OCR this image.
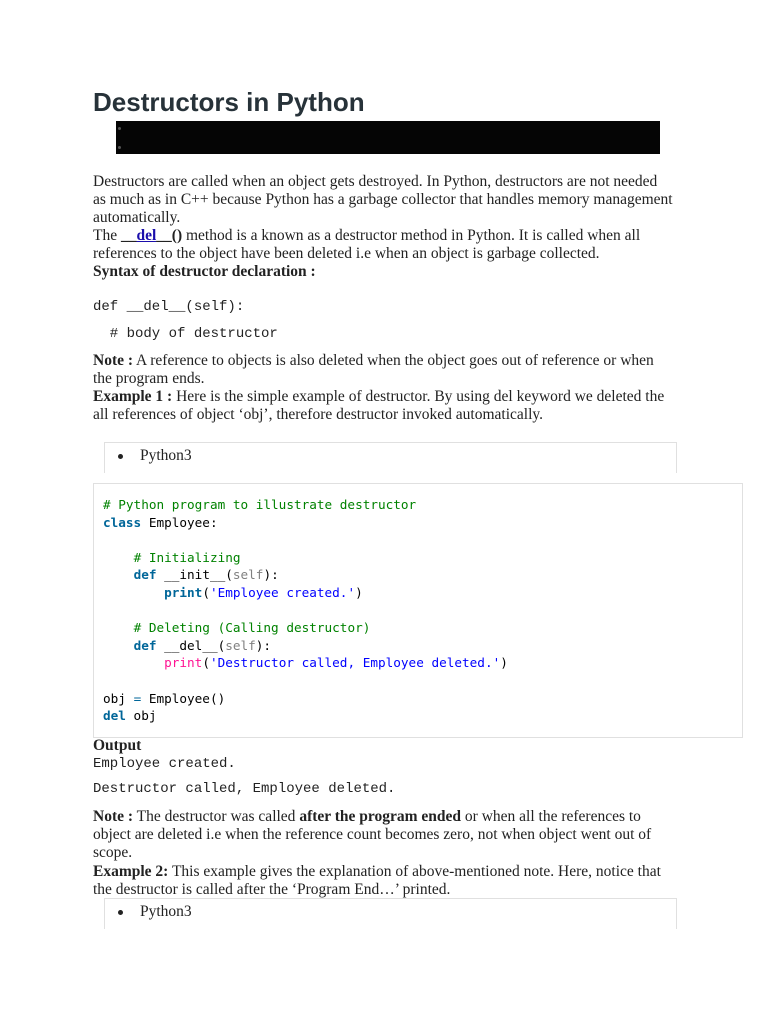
Destructors in Python

Destructors are called when an object gets destroyed. In Python, destructors are not needed as much as in C++ because Python has a garbage collector that handles memory management automatically.

The __del__() method is a known as a destructor method in Python. It is called when all references to the object have been deleted i.e when an object is garbage collected.

Syntax of destructor declaration :

def __del__(self):
# body of destructor

Note : A reference to objects is also deleted when the object goes out of reference or when the program ends.

Example 1 : Here is the simple example of destructor. By using del keyword we deleted the all references of object ‘obj’, therefore destructor invoked automatically.

Python3
# Python program to illustrate destructor
class Employee:

# Initializing
def __init__(self):
print('Employee created.')

# Deleting (Calling destructor)
def __del__(self):
print('Destructor called, Employee deleted.')

obj = Employee()
del obj
Output
Employee created.
Destructor called, Employee deleted.

Note : The destructor was called after the program ended or when all the references to object are deleted i.e when the reference count becomes zero, not when object went out of scope.

Example 2: This example gives the explanation of above-mentioned note. Here, notice that the destructor is called after the ‘Program End…’ printed.

Python3
